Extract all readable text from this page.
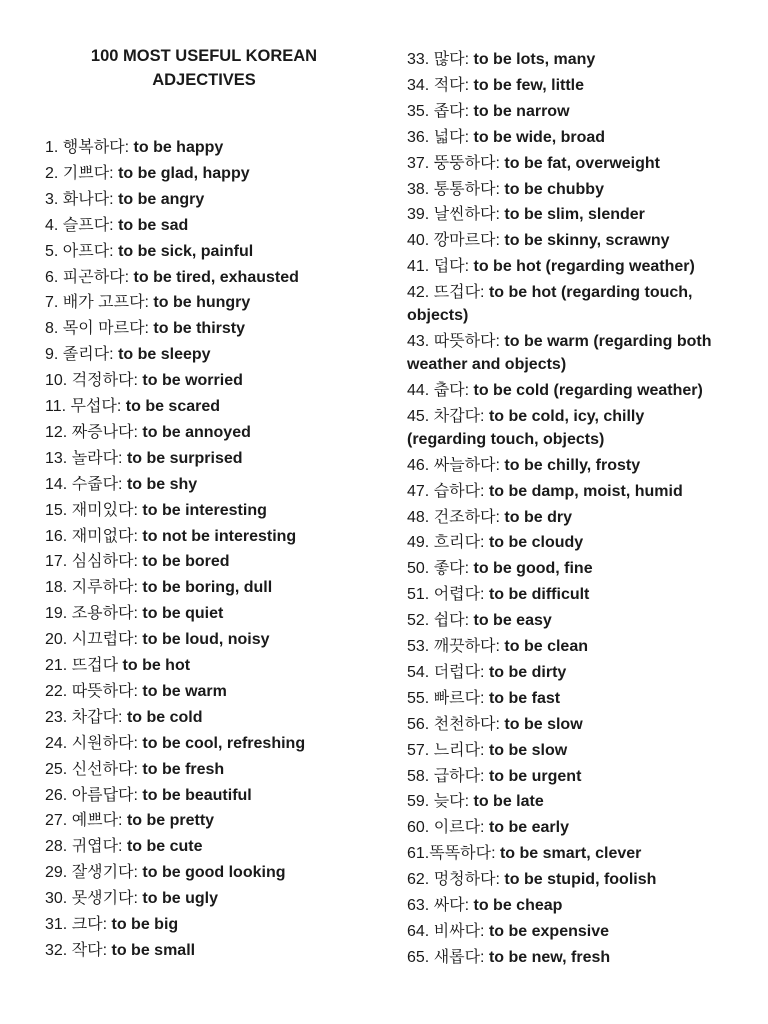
100 MOST USEFUL KOREAN
ADJECTIVES
1. 행복하다: to be happy
2. 기쁘다: to be glad, happy
3. 화나다: to be angry
4. 슬프다: to be sad
5. 아프다: to be sick, painful
6. 피곤하다: to be tired, exhausted
7. 배가 고프다: to be hungry
8. 목이 마르다: to be thirsty
9. 졸리다: to be sleepy
10. 걱정하다: to be worried
11. 무섭다: to be scared
12. 짜증나다: to be annoyed
13. 놀라다: to be surprised
14. 수줍다: to be shy
15. 재미있다: to be interesting
16. 재미없다: to not be interesting
17. 심심하다: to be bored
18. 지루하다: to be boring, dull
19. 조용하다: to be quiet
20. 시끄럽다: to be loud, noisy
21. 뜨겁다 to be hot
22. 따뜻하다: to be warm
23. 차갑다: to be cold
24. 시원하다: to be cool, refreshing
25. 신선하다: to be fresh
26. 아름답다: to be beautiful
27. 예쁘다: to be pretty
28. 귀엽다: to be cute
29. 잘생기다: to be good looking
30. 못생기다: to be ugly
31. 크다: to be big
32. 작다: to be small
33. 많다: to be lots, many
34. 적다: to be few, little
35. 좁다: to be narrow
36. 넓다: to be wide, broad
37. 뚱뚱하다: to be fat, overweight
38. 통통하다: to be chubby
39. 날씬하다: to be slim, slender
40. 깡마르다: to be skinny, scrawny
41. 덥다: to be hot (regarding weather)
42. 뜨겁다: to be hot (regarding touch, objects)
43. 따뜻하다: to be warm (regarding both weather and objects)
44. 춥다: to be cold (regarding weather)
45. 차갑다: to be cold, icy, chilly (regarding touch, objects)
46. 싸늘하다: to be chilly, frosty
47. 습하다: to be damp, moist, humid
48. 건조하다: to be dry
49. 흐리다: to be cloudy
50. 좋다: to be good, fine
51. 어렵다: to be difficult
52. 쉽다: to be easy
53. 깨끗하다: to be clean
54. 더럽다: to be dirty
55. 빠르다: to be fast
56. 천천하다: to be slow
57. 느리다: to be slow
58. 급하다: to be urgent
59. 늦다: to be late
60. 이르다: to be early
61.똑똑하다: to be smart, clever
62. 멍청하다: to be stupid, foolish
63. 싸다: to be cheap
64. 비싸다: to be expensive
65. 새롭다: to be new, fresh
